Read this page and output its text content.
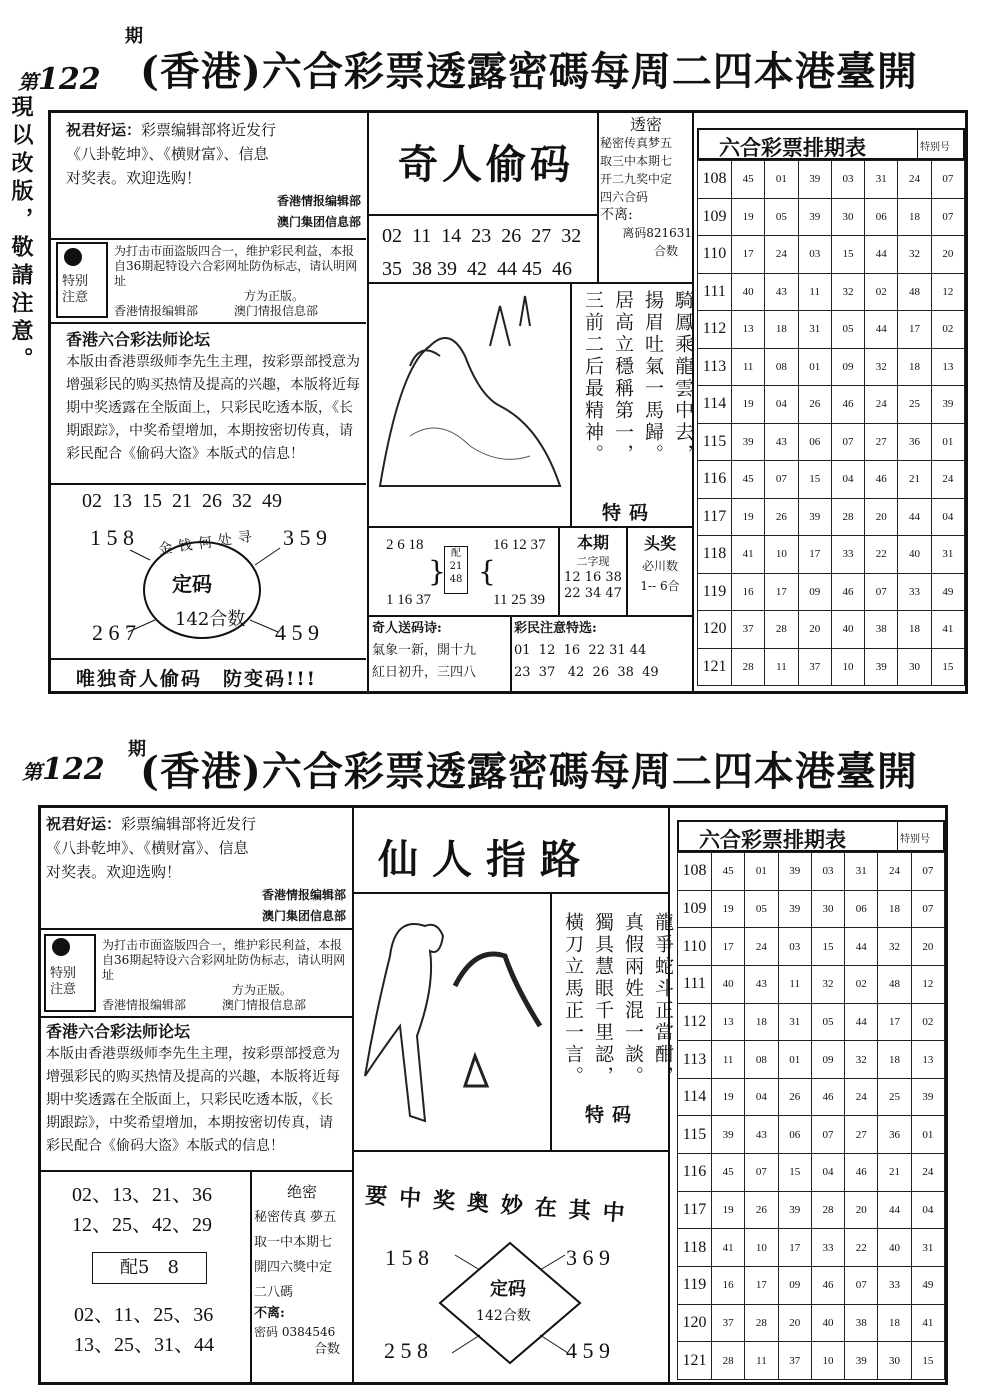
第122
期
(香港)六合彩票透露密碼每周二四本港臺開
現以改版，敬請注意。 祝君好运：彩票编辑部将近发行
《八卦乾坤》、《横财富》、信息
对奖表。欢迎选购！
香港情报编辑部
澳门集团信息部
特别注意
为打击市面盗版四合一，维护彩民利益，本报自36期起特设六合彩网址防伪标志，请认明网址
方为正版。
香港情报编辑部	澳门情报信息部
香港六合彩法师论坛
本版由香港票级师李先生主理，按彩票部授意为增强彩民的购买热情及提高的兴趣，本版将近每期中奖透露在全版面上，只彩民吃透本版，《长期跟踪》，中奖希望增加，本期按密切传真，请彩民配合《偷码大盗》本版式的信息！
02  13  15  21  26  32  49
1 5 8	3 5 9
2 6 7	4 5 9
金钱何处寻
定码
142合数
唯独奇人偷码　防变码!!!
奇人偷码
02  11  14  23  26  27  32
35  38 39  42  44 45  46
透密
秘密传真梦五
取三中本期七
开二九奖中定
四六合码
不离:
离码821631
合数
騎鳳乘龍雲中去，
揚眉吐氣一馬歸。
居高立穩稱第一，
三前二后最精神。
特码
2 6 18
1 16 37
}
配
21
48 {
16 12 37
11 25 39
本期
二字现
12 16 38
22 34 47
头奖
必川数
1-- 6合
奇人送码诗:
氣象一新，開十九
紅日初升，三四八
彩民注意特选:
01  12  16  22 31 44
23  37   42  26  38  49
六合彩票排期表	特别号
108	45	01	39	03	31	24	07
109	19	05	39	30	06	18	07
110	17	24	03	15	44	32	20
111	40	43	11	32	02	48	12
112	13	18	31	05	44	17	02
113	11	08	01	09	32	18	13
114	19	04	26	46	24	25	39
115	39	43	06	07	27	36	01
116	45	07	15	04	46	21	24
117	19	26	39	28	20	44	04
118	41	10	17	33	22	40	31
119	16	17	09	46	07	33	49
120	37	28	20	40	38	18	41
121	28	11	37	10	39	30	15
第122
期
(香港)六合彩票透露密碼每周二四本港臺開
祝君好运：彩票编辑部将近发行
《八卦乾坤》、《横财富》、信息
对奖表。欢迎选购！
香港情报编辑部
澳门集团信息部
特别注意
为打击市面盗版四合一，维护彩民利益，本报自36期起特设六合彩网址防伪标志，请认明网址
方为正版。
香港情报编辑部	澳门情报信息部
香港六合彩法师论坛
本版由香港票级师李先生主理，按彩票部授意为增强彩民的购买热情及提高的兴趣，本版将近每期中奖透露在全版面上，只彩民吃透本版，《长期跟踪》，中奖希望增加，本期按密切传真，请彩民配合《偷码大盗》本版式的信息！
02、13、21、36
12、25、42、29
配5　8
02、11、25、36
13、25、31、44
绝密
秘密传真 夢五
取一中本期七
開四六獎中定
二八碼
不离:
密码 0384546
合数
仙人指路
龍爭蛇斗正當酣，
真假兩姓混一談。
獨具慧眼千里認，
橫刀立馬正一言。
特码
要中奖奥妙在其中
1 5 8	3 6 9
2 5 8	4 5 9
定码
142合数
六合彩票排期表	特别号
108	45	01	39	03	31	24	07
109	19	05	39	30	06	18	07
110	17	24	03	15	44	32	20
111	40	43	11	32	02	48	12
112	13	18	31	05	44	17	02
113	11	08	01	09	32	18	13
114	19	04	26	46	24	25	39
115	39	43	06	07	27	36	01
116	45	07	15	04	46	21	24
117	19	26	39	28	20	44	04
118	41	10	17	33	22	40	31
119	16	17	09	46	07	33	49
120	37	28	20	40	38	18	41
121	28	11	37	10	39	30	15
